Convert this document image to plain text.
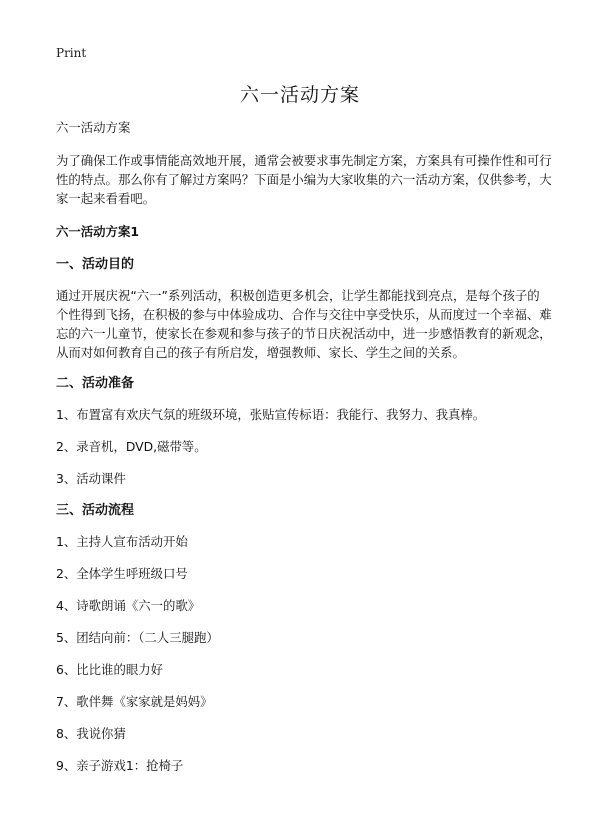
Print
六一活动方案

六一活动方案

为了确保工作或事情能高效地开展，通常会被要求事先制定方案，方案具有可操作性和可行性的特点。那么你有了解过方案吗？下面是小编为大家收集的六一活动方案，仅供参考，大家一起来看看吧。

六一活动方案1

一、活动目的

通过开展庆祝“六一”系列活动，积极创造更多机会，让学生都能找到亮点，是每个孩子的个性得到飞扬，在积极的参与中体验成功、合作与交往中享受快乐，从而度过一个幸福、难忘的六一儿童节，使家长在参观和参与孩子的节日庆祝活动中，进一步感悟教育的新观念，从而对如何教育自己的孩子有所启发，增强教师、家长、学生之间的关系。

二、活动准备

1、布置富有欢庆气氛的班级环境，张贴宣传标语：我能行、我努力、我真棒。

2、录音机，DVD,磁带等。

3、活动课件

三、活动流程

1、主持人宣布活动开始

2、全体学生呼班级口号

4、诗歌朗诵《六一的歌》

5、团结向前：（二人三腿跑）

6、比比谁的眼力好

7、歌伴舞《家家就是妈妈》

8、我说你猜

9、亲子游戏1：抢椅子
